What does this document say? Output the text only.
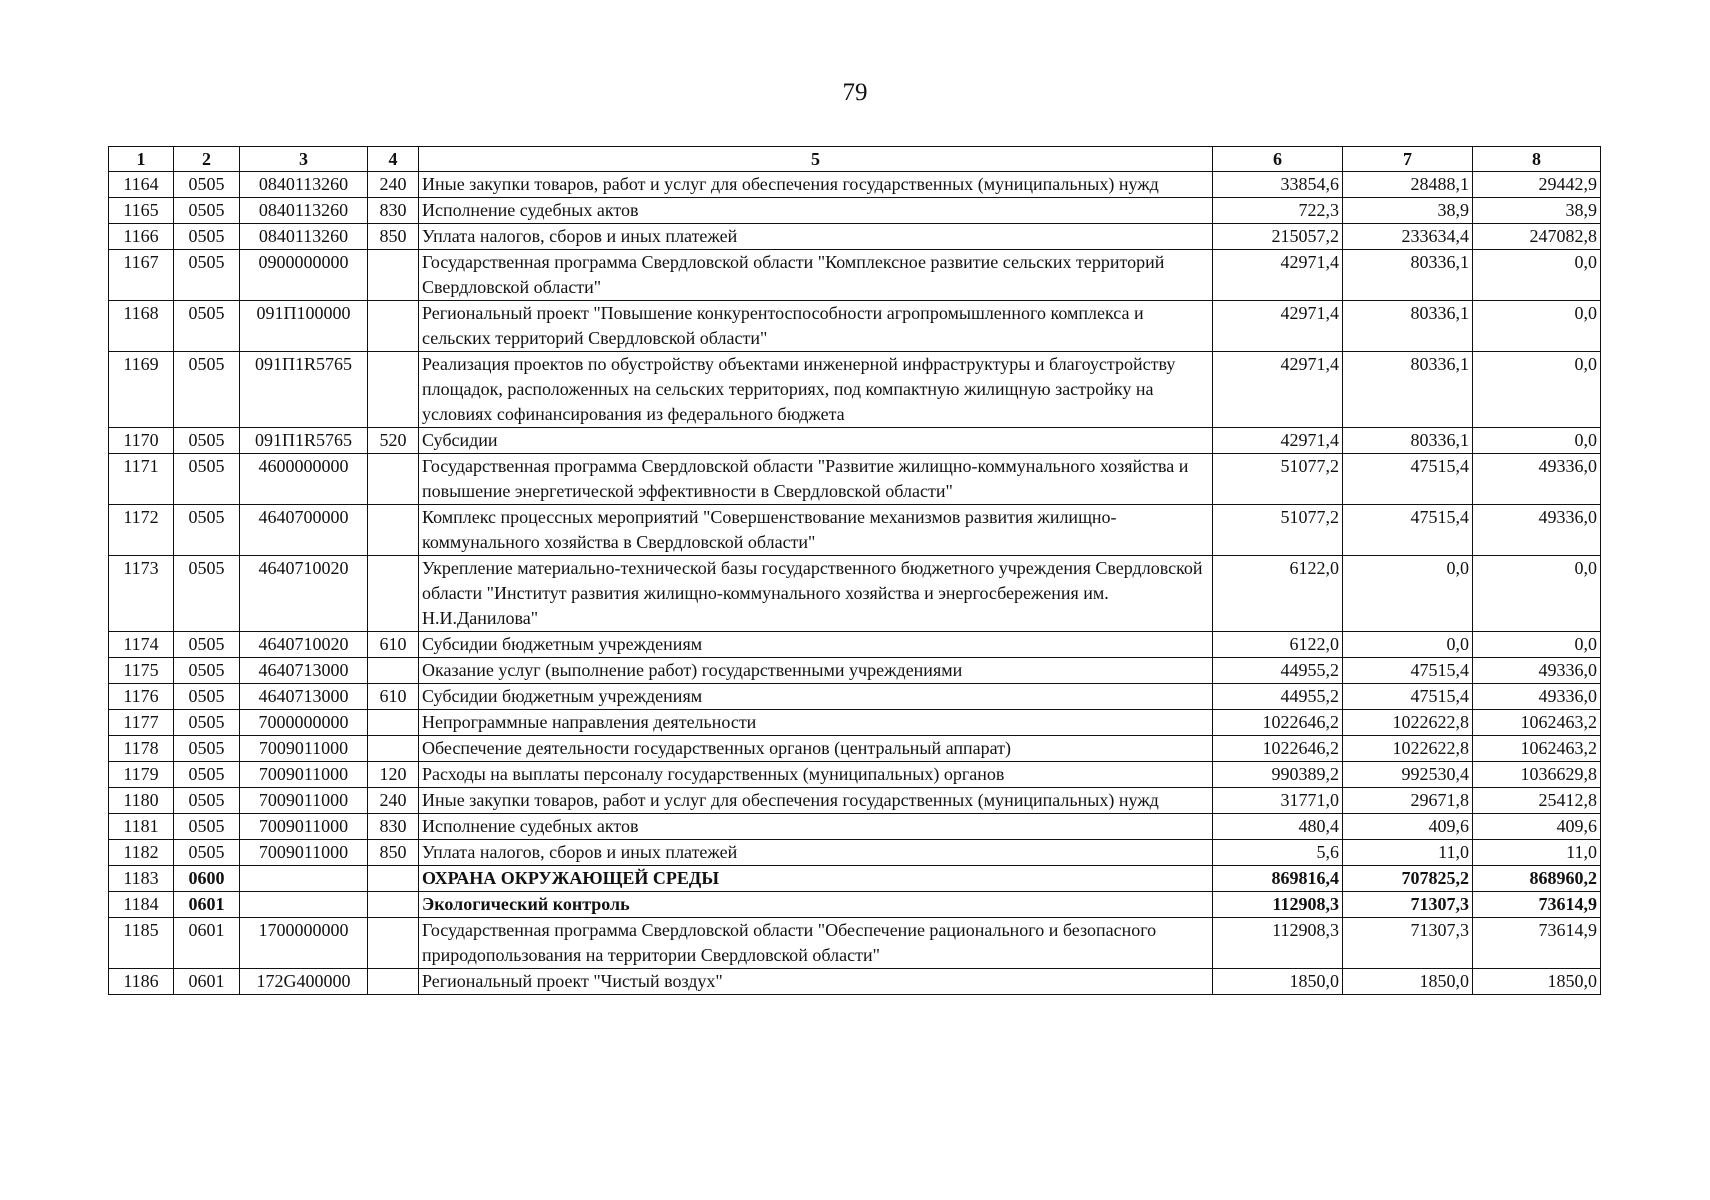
79
1	2	3	4	5	6	7	8
1164	0505	0840113260	240	Иные закупки товаров, работ и услуг для обеспечения государственных (муниципальных) нужд	33854,6	28488,1	29442,9
1165	0505	0840113260	830	Исполнение судебных актов	722,3	38,9	38,9
1166	0505	0840113260	850	Уплата налогов, сборов и иных платежей	215057,2	233634,4	247082,8
1167	0505	0900000000		Государственная программа Свердловской области "Комплексное развитие сельских территорий Свердловской области"	42971,4	80336,1	0,0
1168	0505	091П100000		Региональный проект "Повышение конкурентоспособности агропромышленного комплекса и сельских территорий Свердловской области"	42971,4	80336,1	0,0
1169	0505	091П1R5765		Реализация проектов по обустройству объектами инженерной инфраструктуры и благоустройству площадок, расположенных на сельских территориях, под компактную жилищную застройку на условиях софинансирования из федерального бюджета	42971,4	80336,1	0,0
1170	0505	091П1R5765	520	Субсидии	42971,4	80336,1	0,0
1171	0505	4600000000		Государственная программа Свердловской области "Развитие жилищно-коммунального хозяйства и повышение энергетической эффективности в Свердловской области"	51077,2	47515,4	49336,0
1172	0505	4640700000		Комплекс процессных мероприятий "Совершенствование механизмов развития жилищно-коммунального хозяйства в Свердловской области"	51077,2	47515,4	49336,0
1173	0505	4640710020		Укрепление материально-технической базы государственного бюджетного учреждения Свердловской области "Институт развития жилищно-коммунального хозяйства и энергосбережения им. Н.И.Данилова"	6122,0	0,0	0,0
1174	0505	4640710020	610	Субсидии бюджетным учреждениям	6122,0	0,0	0,0
1175	0505	4640713000		Оказание услуг (выполнение работ) государственными учреждениями	44955,2	47515,4	49336,0
1176	0505	4640713000	610	Субсидии бюджетным учреждениям	44955,2	47515,4	49336,0
1177	0505	7000000000		Непрограммные направления деятельности	1022646,2	1022622,8	1062463,2
1178	0505	7009011000		Обеспечение деятельности государственных органов (центральный аппарат)	1022646,2	1022622,8	1062463,2
1179	0505	7009011000	120	Расходы на выплаты персоналу государственных (муниципальных) органов	990389,2	992530,4	1036629,8
1180	0505	7009011000	240	Иные закупки товаров, работ и услуг для обеспечения государственных (муниципальных) нужд	31771,0	29671,8	25412,8
1181	0505	7009011000	830	Исполнение судебных актов	480,4	409,6	409,6
1182	0505	7009011000	850	Уплата налогов, сборов и иных платежей	5,6	11,0	11,0
1183	0600			ОХРАНА ОКРУЖАЮЩЕЙ СРЕДЫ	869816,4	707825,2	868960,2
1184	0601			Экологический контроль	112908,3	71307,3	73614,9
1185	0601	1700000000		Государственная программа Свердловской области "Обеспечение рационального и безопасного природопользования на территории Свердловской области"	112908,3	71307,3	73614,9
1186	0601	172G400000		Региональный проект "Чистый воздух"	1850,0	1850,0	1850,0
